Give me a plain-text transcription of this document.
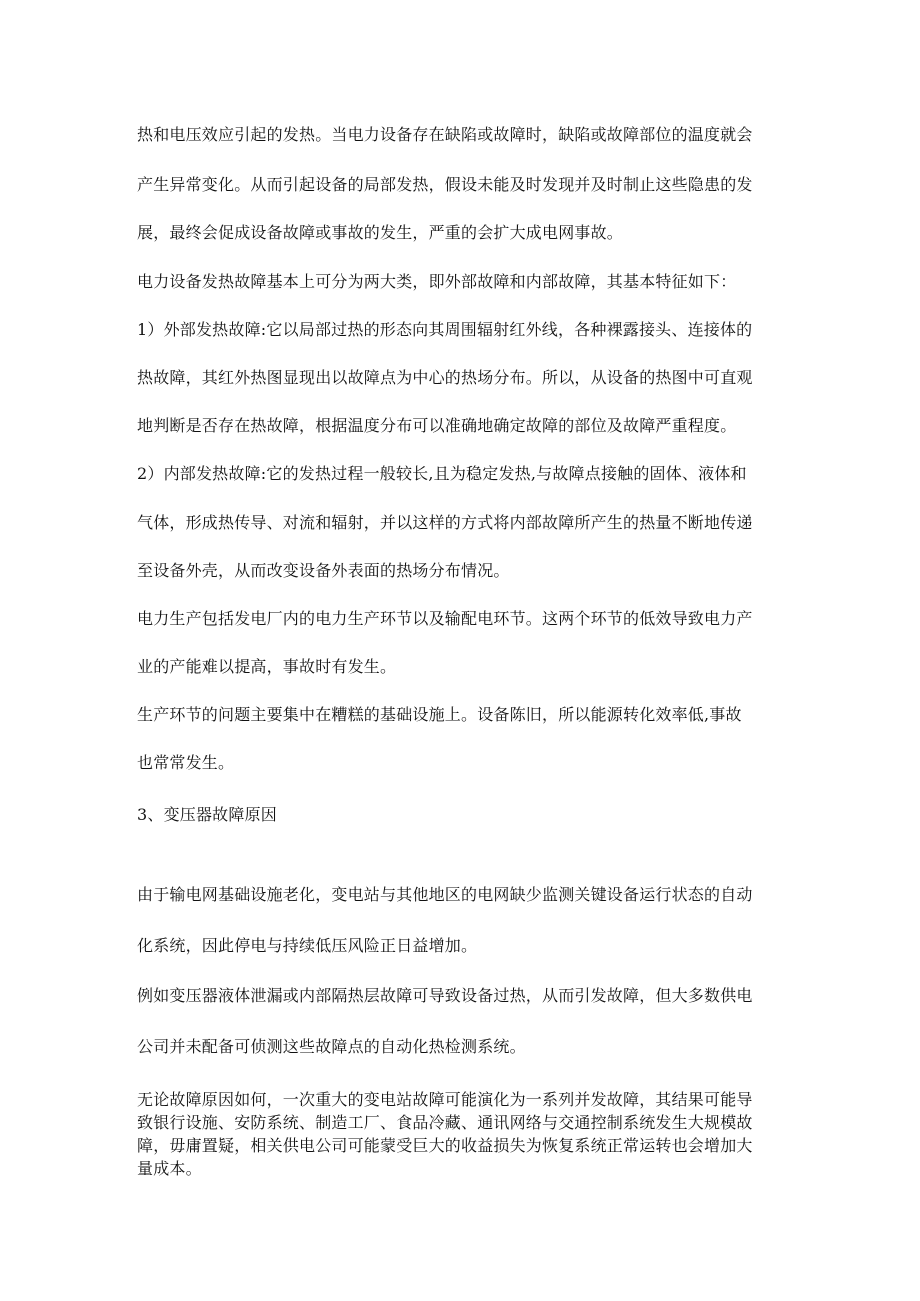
热和电压效应引起的发热。当电力设备存在缺陷或故障时，缺陷或故障部位的温度就会
产生异常变化。从而引起设备的局部发热，假设未能及时发现并及时制止这些隐患的发
展，最终会促成设备故障或事故的发生，严重的会扩大成电网事故。
电力设备发热故障基本上可分为两大类，即外部故障和内部故障，其基本特征如下：
1）外部发热故障:它以局部过热的形态向其周围辐射红外线，各种裸露接头、连接体的
热故障，其红外热图显现出以故障点为中心的热场分布。所以，从设备的热图中可直观
地判断是否存在热故障，根据温度分布可以准确地确定故障的部位及故障严重程度。
2）内部发热故障:它的发热过程一般较长,且为稳定发热,与故障点接触的固体、液体和
气体，形成热传导、对流和辐射，并以这样的方式将内部故障所产生的热量不断地传递
至设备外壳，从而改变设备外表面的热场分布情况。
电力生产包括发电厂内的电力生产环节以及输配电环节。这两个环节的低效导致电力产
业的产能难以提高，事故时有发生。
生产环节的问题主要集中在糟糕的基础设施上。设备陈旧，所以能源转化效率低,事故
也常常发生。
3、变压器故障原因
由于输电网基础设施老化，变电站与其他地区的电网缺少监测关键设备运行状态的自动
化系统，因此停电与持续低压风险正日益增加。
例如变压器液体泄漏或内部隔热层故障可导致设备过热，从而引发故障，但大多数供电
公司并未配备可侦测这些故障点的自动化热检测系统。
无论故障原因如何，一次重大的变电站故障可能演化为一系列并发故障，其结果可能导
致银行设施、安防系统、制造工厂、食品冷藏、通讯网络与交通控制系统发生大规模故
障，毋庸置疑，相关供电公司可能蒙受巨大的收益损失为恢复系统正常运转也会增加大
量成本。
